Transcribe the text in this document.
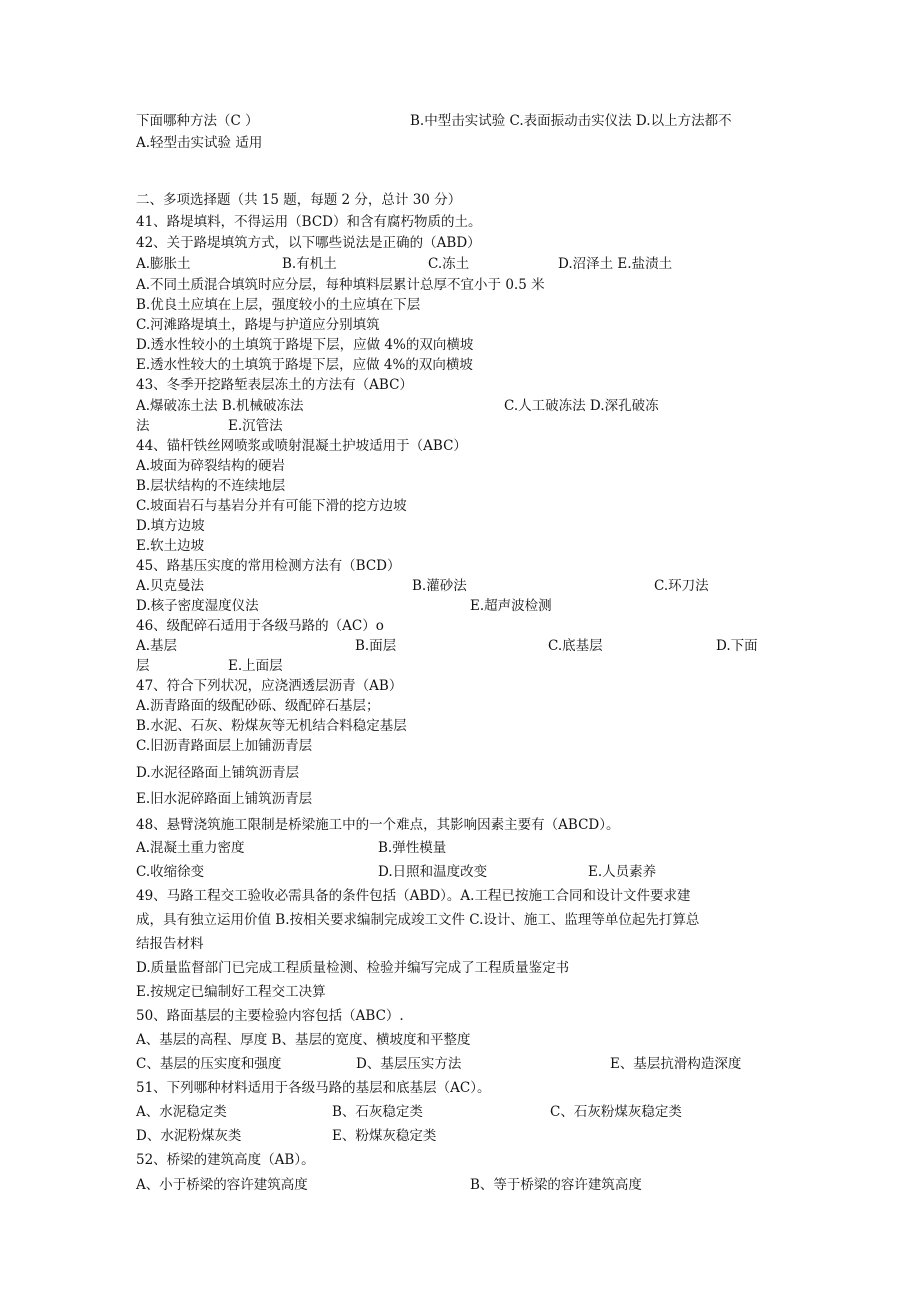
下面哪种方法（C ）	B.中型击实试验 C.表面振动击实仪法 D.以上方法都不
A.轻型击实试验 适用
二、多项选择题（共 15 题，每题 2 分，总计 30 分）
41、路堤填料，不得运用（BCD）和含有腐朽物质的土。
42、关于路堤填筑方式，以下哪些说法是正确的（ABD）
A.膨胀土	B.有机土	C.冻土	D.沼泽土 E.盐渍土
A.不同土质混合填筑时应分层，每种填料层累计总厚不宜小于 0.5 米
B.优良土应填在上层，强度较小的土应填在下层
C.河滩路堤填土，路堤与护道应分别填筑
D.透水性较小的土填筑于路堤下层，应做 4%的双向横坡
E.透水性较大的土填筑于路堤下层，应做 4%的双向横坡
43、冬季开挖路堑表层冻土的方法有（ABC）
A.爆破冻土法 B.机械破冻法	C.人工破冻法 D.深孔破冻
法	E.沉管法
44、锚杆铁丝网喷浆或喷射混凝土护坡适用于（ABC）
A.坡面为碎裂结构的硬岩
B.层状结构的不连续地层
C.坡面岩石与基岩分并有可能下滑的挖方边坡
D.填方边坡
E.软土边坡
45、路基压实度的常用检测方法有（BCD）
A.贝克曼法	B.灌砂法	C.环刀法
D.核子密度湿度仪法	E.超声波检测
46、级配碎石适用于各级马路的（AC）o
A.基层	B.面层	C.底基层	D.下面
层	E.上面层
47、符合下列状况，应浇洒透层沥青（AB）
A.沥青路面的级配砂砾、级配碎石基层；
B.水泥、石灰、粉煤灰等无机结合料稳定基层
C.旧沥青路面层上加铺沥青层
D.水泥径路面上铺筑沥青层
E.旧水泥碎路面上铺筑沥青层
48、悬臂浇筑施工限制是桥梁施工中的一个难点，其影响因素主要有（ABCD）。
A.混凝土重力密度	B.弹性模量
C.收缩徐变	D.日照和温度改变	E.人员素养
49、马路工程交工验收必需具备的条件包括（ABD）。A.工程已按施工合同和设计文件要求建
成，具有独立运用价值 B.按相关要求编制完成竣工文件 C.设计、施工、监理等单位起先打算总
结报告材料
D.质量监督部门已完成工程质量检测、检验并编写完成了工程质量鉴定书
E.按规定已编制好工程交工决算
50、路面基层的主要检验内容包括（ABC）.
A、基层的高程、厚度 B、基层的宽度、横坡度和平整度
C、基层的压实度和强度	D、基层压实方法	E、基层抗滑构造深度
51、下列哪种材料适用于各级马路的基层和底基层（AC）。
A、水泥稳定类	B、石灰稳定类	C、石灰粉煤灰稳定类
D、水泥粉煤灰类	E、粉煤灰稳定类
52、桥梁的建筑高度（AB）。
A、小于桥梁的容许建筑高度	B、等于桥梁的容许建筑高度
